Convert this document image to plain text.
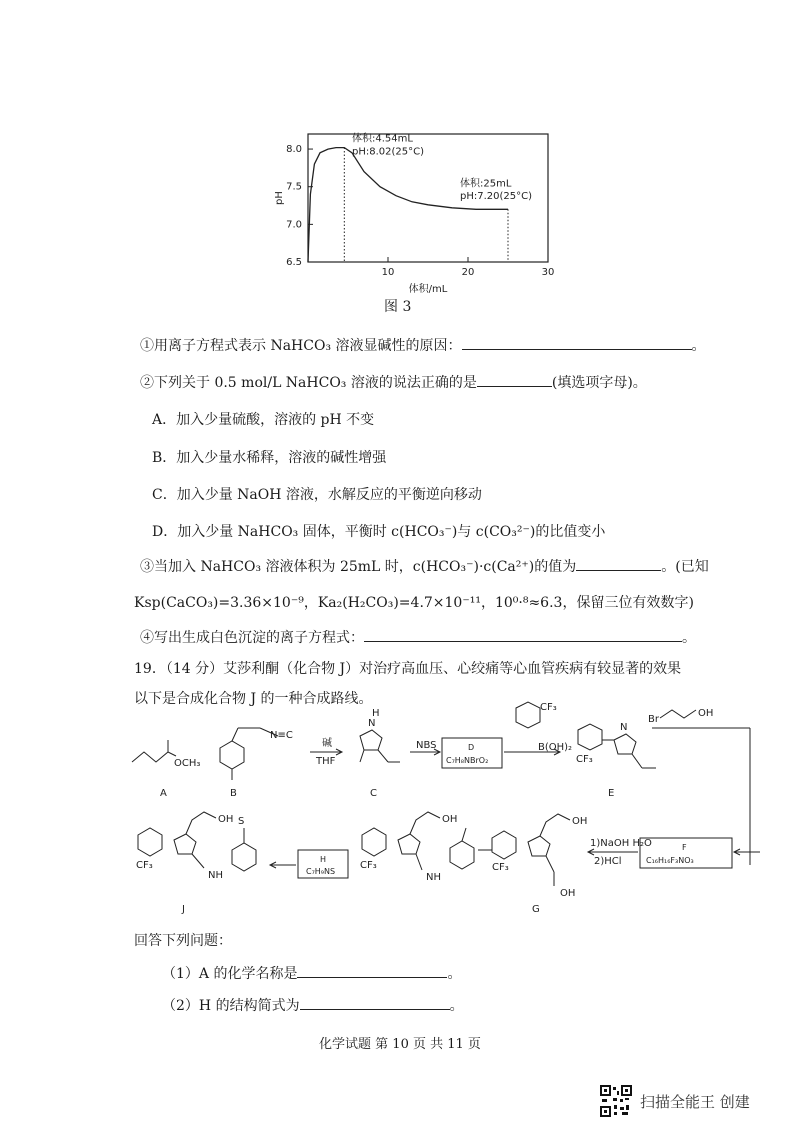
6.5
7.0
7.5
8.0
10	20	30
体积/mL
pH
体积:4.54mL
pH:8.02(25°C)
体积:25mL
pH:7.20(25°C)
图 3
①用离子方程式表示 NaHCO₃ 溶液显碱性的原因：	。
②下列关于 0.5 mol/L NaHCO₃ 溶液的说法正确的是	(填选项字母)。
A．加入少量硫酸，溶液的 pH 不变
B．加入少量水稀释，溶液的碱性增强
C．加入少量 NaOH 溶液，水解反应的平衡逆向移动
D．加入少量 NaHCO₃ 固体，平衡时 c(HCO₃⁻)与 c(CO₃²⁻)的比值变小
③当加入 NaHCO₃ 溶液体积为 25mL 时，c(HCO₃⁻)·c(Ca²⁺)的值为	。(已知
Ksp(CaCO₃)=3.36×10⁻⁹，Ka₂(H₂CO₃)=4.7×10⁻¹¹，10⁰·⁸≈6.3，保留三位有效数字)
④写出生成白色沉淀的离子方程式：	。
19．（14 分）艾莎利酮（化合物 J）对治疗高血压、心绞痛等心血管疾病有较显著的效果
以下是合成化合物 J 的一种合成路线。
A	B	C	E
G
J
碱
THF
NBS
OCH₃
N≡C
N
H
CF₃
B(OH)₂
CF₃
N
Br
OH
OH
CF₃
NH
S	OH
CF₃
NH
OH
CF₃
OH
1)NaOH H₂O
2)HCl
D
C₇H₈NBrO₂
H
C₇H₉NS
F
C₁₆H₁₆F₃NO₃
回答下列问题：
（1）A 的化学名称是	。
（2）H 的结构简式为	。
化学试题 第 10 页 共 11 页
扫描全能王 创建
